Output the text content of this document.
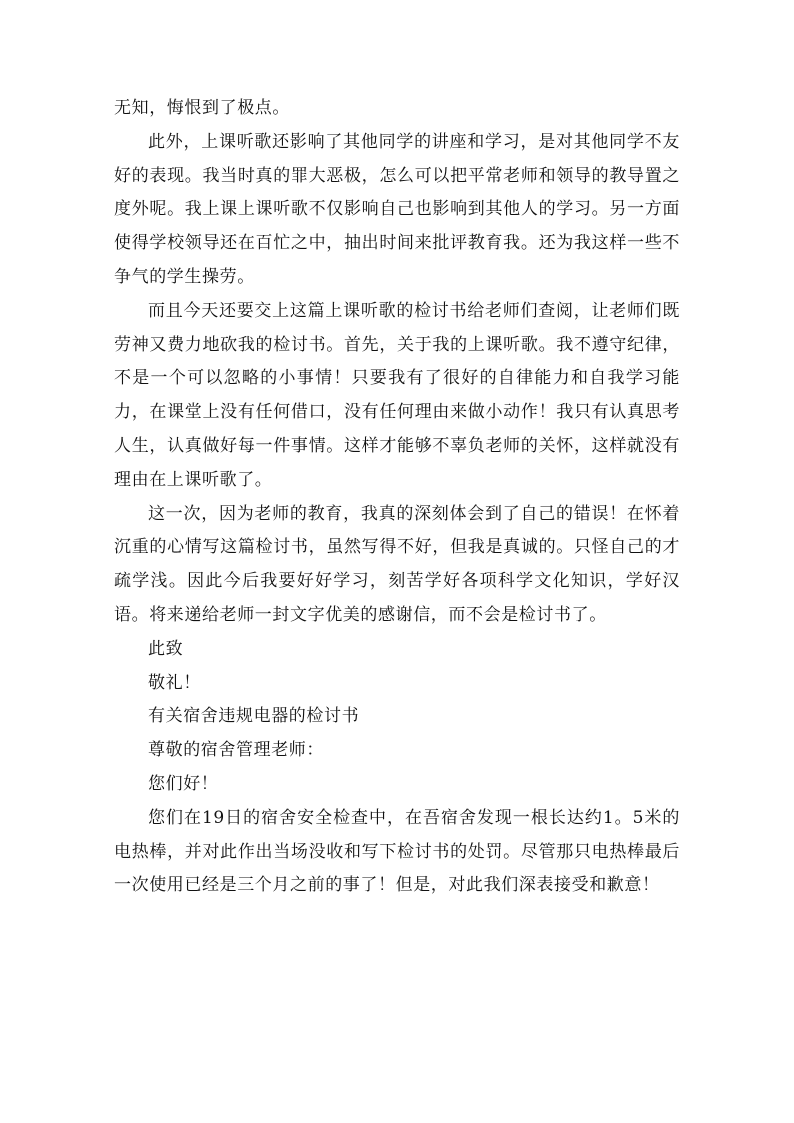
无知，悔恨到了极点。

此外，上课听歌还影响了其他同学的讲座和学习，是对其他同学不友好的表现。我当时真的罪大恶极，怎么可以把平常老师和领导的教导置之度外呢。我上课上课听歌不仅影响自己也影响到其他人的学习。另一方面使得学校领导还在百忙之中，抽出时间来批评教育我。还为我这样一些不争气的学生操劳。

而且今天还要交上这篇上课听歌的检讨书给老师们查阅，让老师们既劳神又费力地砍我的检讨书。首先，关于我的上课听歌。我不遵守纪律，不是一个可以忽略的小事情！只要我有了很好的自律能力和自我学习能力，在课堂上没有任何借口，没有任何理由来做小动作！我只有认真思考人生，认真做好每一件事情。这样才能够不辜负老师的关怀，这样就没有理由在上课听歌了。

这一次，因为老师的教育，我真的深刻体会到了自己的错误！在怀着沉重的心情写这篇检讨书，虽然写得不好，但我是真诚的。只怪自己的才疏学浅。因此今后我要好好学习，刻苦学好各项科学文化知识，学好汉语。将来递给老师一封文字优美的感谢信，而不会是检讨书了。

此致

敬礼！

有关宿舍违规电器的检讨书

尊敬的宿舍管理老师：

您们好！

您们在19日的宿舍安全检查中，在吾宿舍发现一根长达约1。5米的电热棒，并对此作出当场没收和写下检讨书的处罚。尽管那只电热棒最后一次使用已经是三个月之前的事了！但是，对此我们深表接受和歉意！
